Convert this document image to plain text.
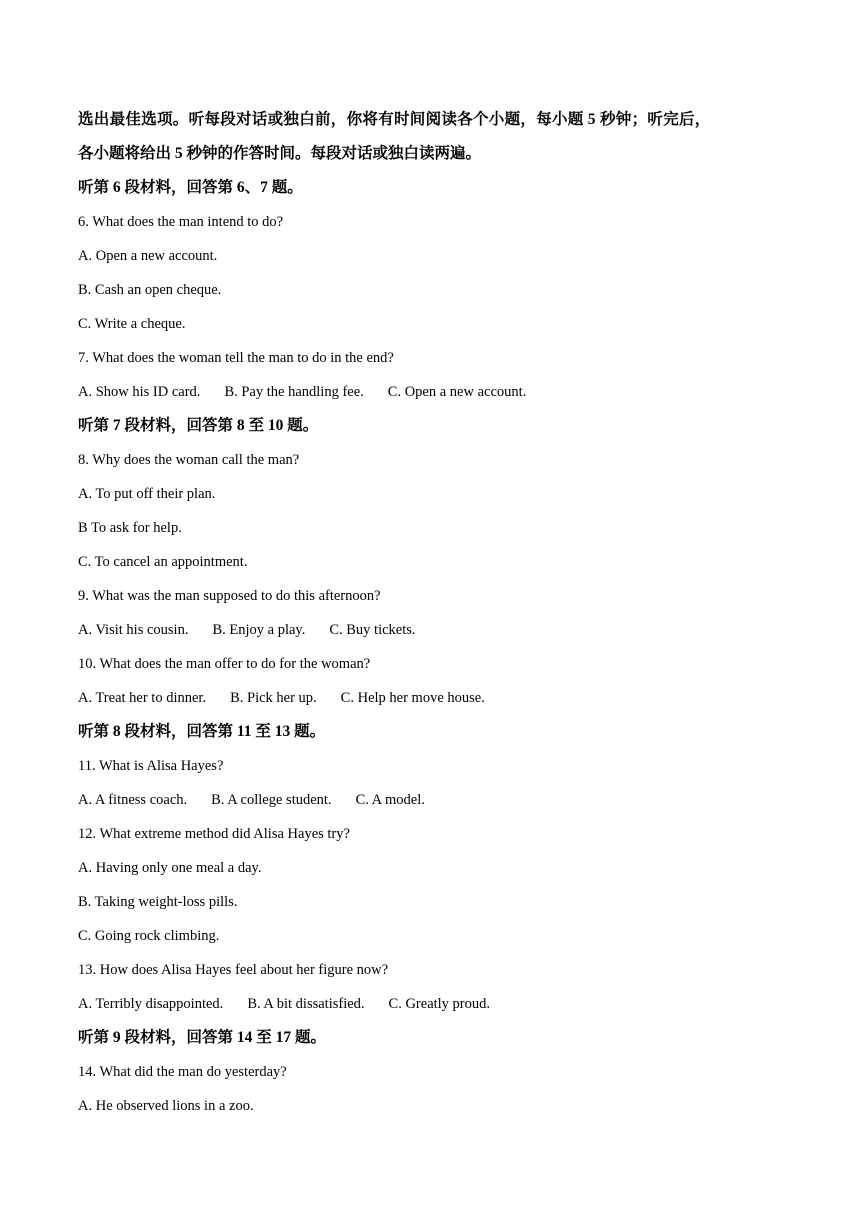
选出最佳选项。听每段对话或独白前，你将有时间阅读各个小题，每小题 5 秒钟；听完后，
各小题将给出 5 秒钟的作答时间。每段对话或独白读两遍。
听第 6 段材料，回答第 6、7 题。
6. What does the man intend to do?
A. Open a new account.
B. Cash an open cheque.
C. Write a cheque.
7. What does the woman tell the man to do in the end?
A. Show his ID card. B. Pay the handling fee. C. Open a new account.
听第 7 段材料，回答第 8 至 10 题。
8. Why does the woman call the man?
A. To put off their plan.
B To ask for help.
C. To cancel an appointment.
9. What was the man supposed to do this afternoon?
A. Visit his cousin. B. Enjoy a play. C. Buy tickets.
10. What does the man offer to do for the woman?
A. Treat her to dinner. B. Pick her up. C. Help her move house.
听第 8 段材料，回答第 11 至 13 题。
11. What is Alisa Hayes?
A. A fitness coach. B. A college student. C. A model.
12. What extreme method did Alisa Hayes try?
A. Having only one meal a day.
B. Taking weight-loss pills.
C. Going rock climbing.
13. How does Alisa Hayes feel about her figure now?
A. Terribly disappointed. B. A bit dissatisfied. C. Greatly proud.
听第 9 段材料，回答第 14 至 17 题。
14. What did the man do yesterday?
A. He observed lions in a zoo.
